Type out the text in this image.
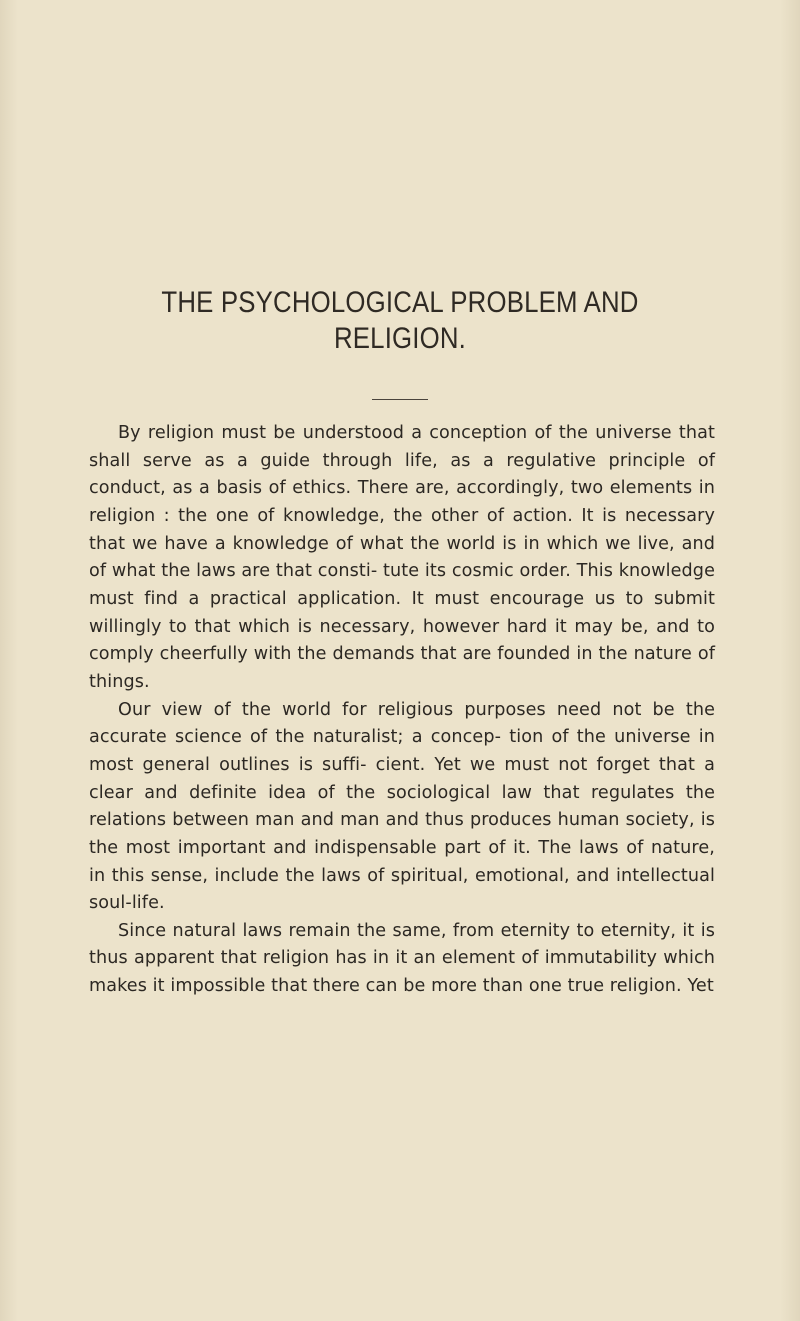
THE PSYCHOLOGICAL PROBLEM AND
RELIGION.

By religion must be understood a conception of the universe that shall serve as a guide through life, as a regulative principle of conduct, as a basis of ethics. There are, accordingly, two elements in religion : the one of knowledge, the other of action. It is necessary that we have a knowledge of what the world is in which we live, and of what the laws are that consti- tute its cosmic order. This knowledge must find a practical application. It must encourage us to submit willingly to that which is necessary, however hard it may be, and to comply cheerfully with the demands that are founded in the nature of things.

Our view of the world for religious purposes need not be the accurate science of the naturalist; a concep- tion of the universe in most general outlines is suffi- cient. Yet we must not forget that a clear and definite idea of the sociological law that regulates the relations between man and man and thus produces human society, is the most important and indispensable part of it. The laws of nature, in this sense, include the laws of spiritual, emotional, and intellectual soul-life.

Since natural laws remain the same, from eternity to eternity, it is thus apparent that religion has in it an element of immutability which makes it impossible that there can be more than one true religion. Yet
